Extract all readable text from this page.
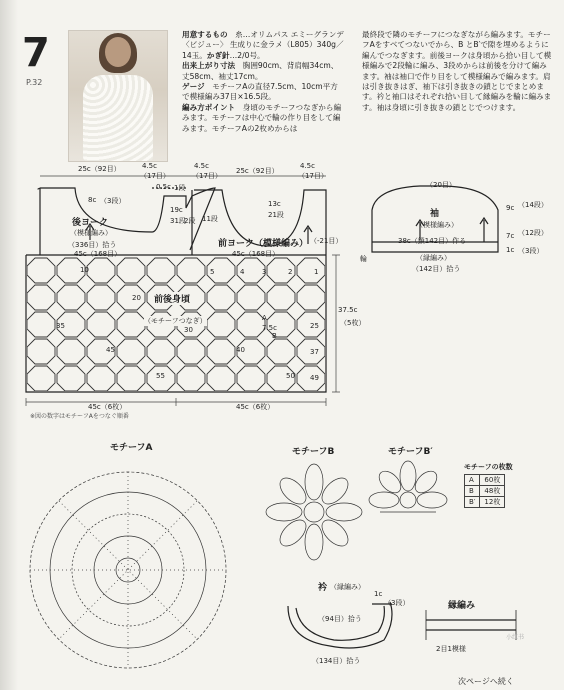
7
P.32
用意するもの　 糸…オリムパス エミーグランデ〈ビジュー〉 生成りに金ラメ（L805）340g／14玉。かぎ針…2/0号。
出来上がり寸法　 胸囲90cm、背肩幅34cm、丈58cm、袖丈17cm。
ゲージ　 モチーフAの直径7.5cm、10cm平方で模様編み37目×16.5段。
編み方ポイント　 身頃のモチーフつなぎから編みます。モチーフは中心で輪の作り目をして編みます。モチーフAの2枚めからは
最終段で隣のモチーフにつなぎながら編みます。モチーフAをすべてつないでから、B とB′で隙を埋めるように編んでつなぎます。前後ヨークは身頃から拾い目して模様編みで2段輪に編み、3段めからは前後を分けて編みます。袖は袖口で作り目をして模様編みで編みます。肩は引き抜きはぎ、袖下は引き抜きの鎖とじでまとめます。衿と袖口はそれぞれ拾い目して縁編みを輪に編みます。袖は身頃に引き抜きの鎖とじでつけます。
25c（92目）	4.5c
（17目）
4.5c
（17目）
25c（92目）
4.5c
（17目）
8c （3段）
0.5c 1段
19c
31段
2段 11段
13c
21段
後ヨーク
（模様編み）
前ヨーク（模様編み）
（336目）拾う
45c（168目）	45c（168目）
（-21目）
前後身頃
（モチーフつなぎ）
37.5c
（5枚）
7.5c
45c（6枚）	45c（6枚）
10
20
35
45
55
5	4	3	2	1
30
40
50
25
37
49
A
B
※図の数字はモチーフAをつなぐ順番
（20目）
袖
（模様編み）
9c （14段）
7c （12段）
1c （3段）
38c（鎖142目）作る
（縁編み）
（142目）拾う
輪
モチーフA	モチーフB	モチーフB′
モチーフの枚数
A	60枚
B	48枚
B′	12枚
衿 （縁編み）
1c
（3段）
（94目）拾う
（134目）拾う
縁編み
2目1模様
小红书
次ページへ続く
